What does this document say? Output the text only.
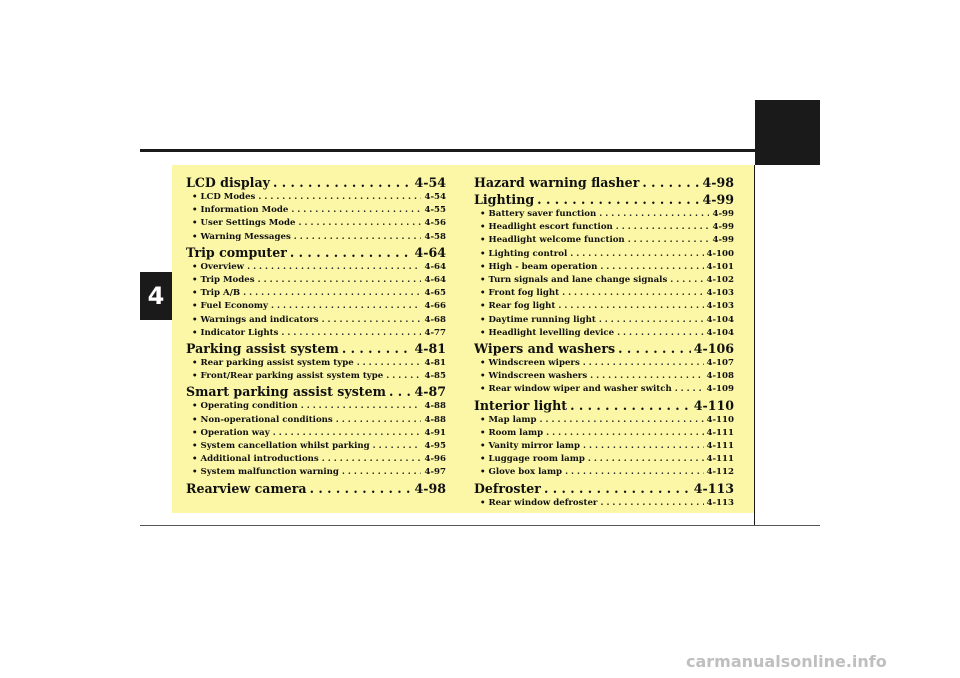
4
LCD display . . .	4-54
• LCD Modes . . .	4-54
• Information Mode . . .	4-55
• User Settings Mode . . .	4-56
• Warning Messages . . .	4-58
Trip computer . . .	4-64
• Overview . . .	4-64
• Trip Modes . . .	4-64
• Trip A/B . . .	4-65
• Fuel Economy . . .	4-66
• Warnings and indicators . . .	4-68
• Indicator Lights . . .	4-77
Parking assist system . . .	4-81
• Rear parking assist system type . . .	4-81
• Front/Rear parking assist system type . . .	4-85
Smart parking assist system . . . 4-87
• Operating condition . . .	4-88
• Non-operational conditions . . .	4-88
• Operation way . . .	4-91
• System cancellation whilst parking . . .	4-95
• Additional introductions . . .	4-96
• System malfunction warning . . .	4-97
Rearview camera . . .	4-98
Hazard warning flasher . . .	4-98
Lighting . . .	4-99
• Battery saver function . . .	4-99
• Headlight escort function . . .	4-99
• Headlight welcome function . . .	4-99
• Lighting control . . .	4-100
• High - beam operation . . .	4-101
• Turn signals and lane change signals . . .	4-102
• Front fog light . . .	4-103
• Rear fog light . . .	4-103
• Daytime running light . . .	4-104
• Headlight levelling device . . .	4-104
Wipers and washers . . .	4-106
• Windscreen wipers . . .	4-107
• Windscreen washers . . .	4-108
• Rear window wiper and washer switch . . .	4-109
Interior light . . .	4-110
• Map lamp . . .	4-110
• Room lamp . . .	4-111
• Vanity mirror lamp . . .	4-111
• Luggage room lamp . . .	4-111
• Glove box lamp . . .	4-112
Defroster . . .	4-113
• Rear window defroster . . .	4-113
carmanualsonline.info
